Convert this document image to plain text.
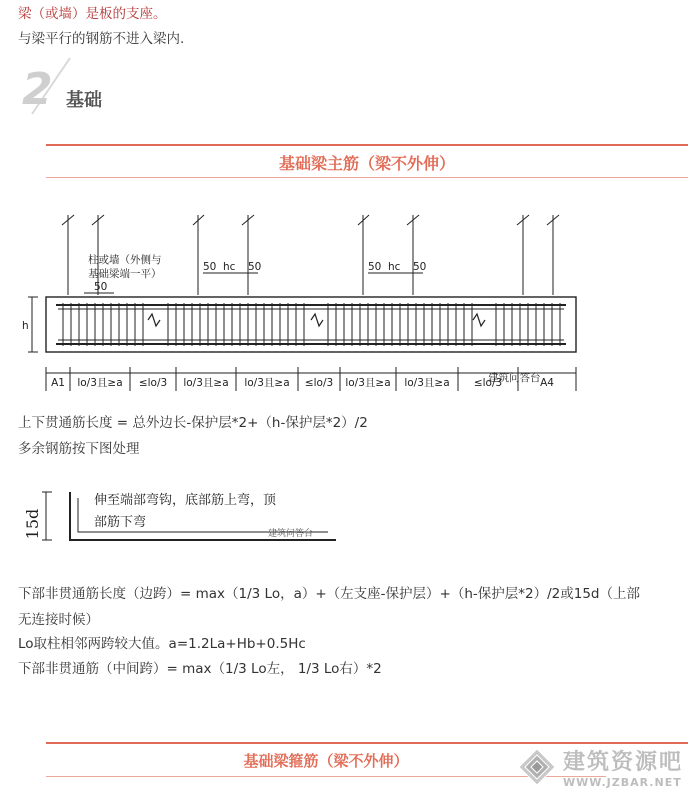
梁（或墙）是板的支座。
与梁平行的钢筋不进入梁内.
2 基础
基础梁主筋（梁不外伸）
柱或墙（外侧与
基础梁端一平）
50
50 hc 50	50 hc 50
h
A1 lo/3且≥a ≤lo/3 lo/3且≥a lo/3且≥a ≤lo/3 lo/3且≥a lo/3且≥a ≤lo/3	A4
建筑问答台
上下贯通筋长度 = 总外边长-保护层*2+（h-保护层*2）/2
多余钢筋按下图处理
15d
伸至端部弯钩，底部筋上弯，顶
部筋下弯
建筑问答台
下部非贯通筋长度（边跨）= max（1/3 Lo，a）+（左支座-保护层）+（h-保护层*2）/2或15d（上部
无连接时候）
Lo取柱相邻两跨较大值。a=1.2La+Hb+0.5Hc
下部非贯通筋（中间跨）= max（1/3 Lo左， 1/3 Lo右）*2
基础梁箍筋（梁不外伸）	建筑资源吧
WWW.JZBAR.NET
